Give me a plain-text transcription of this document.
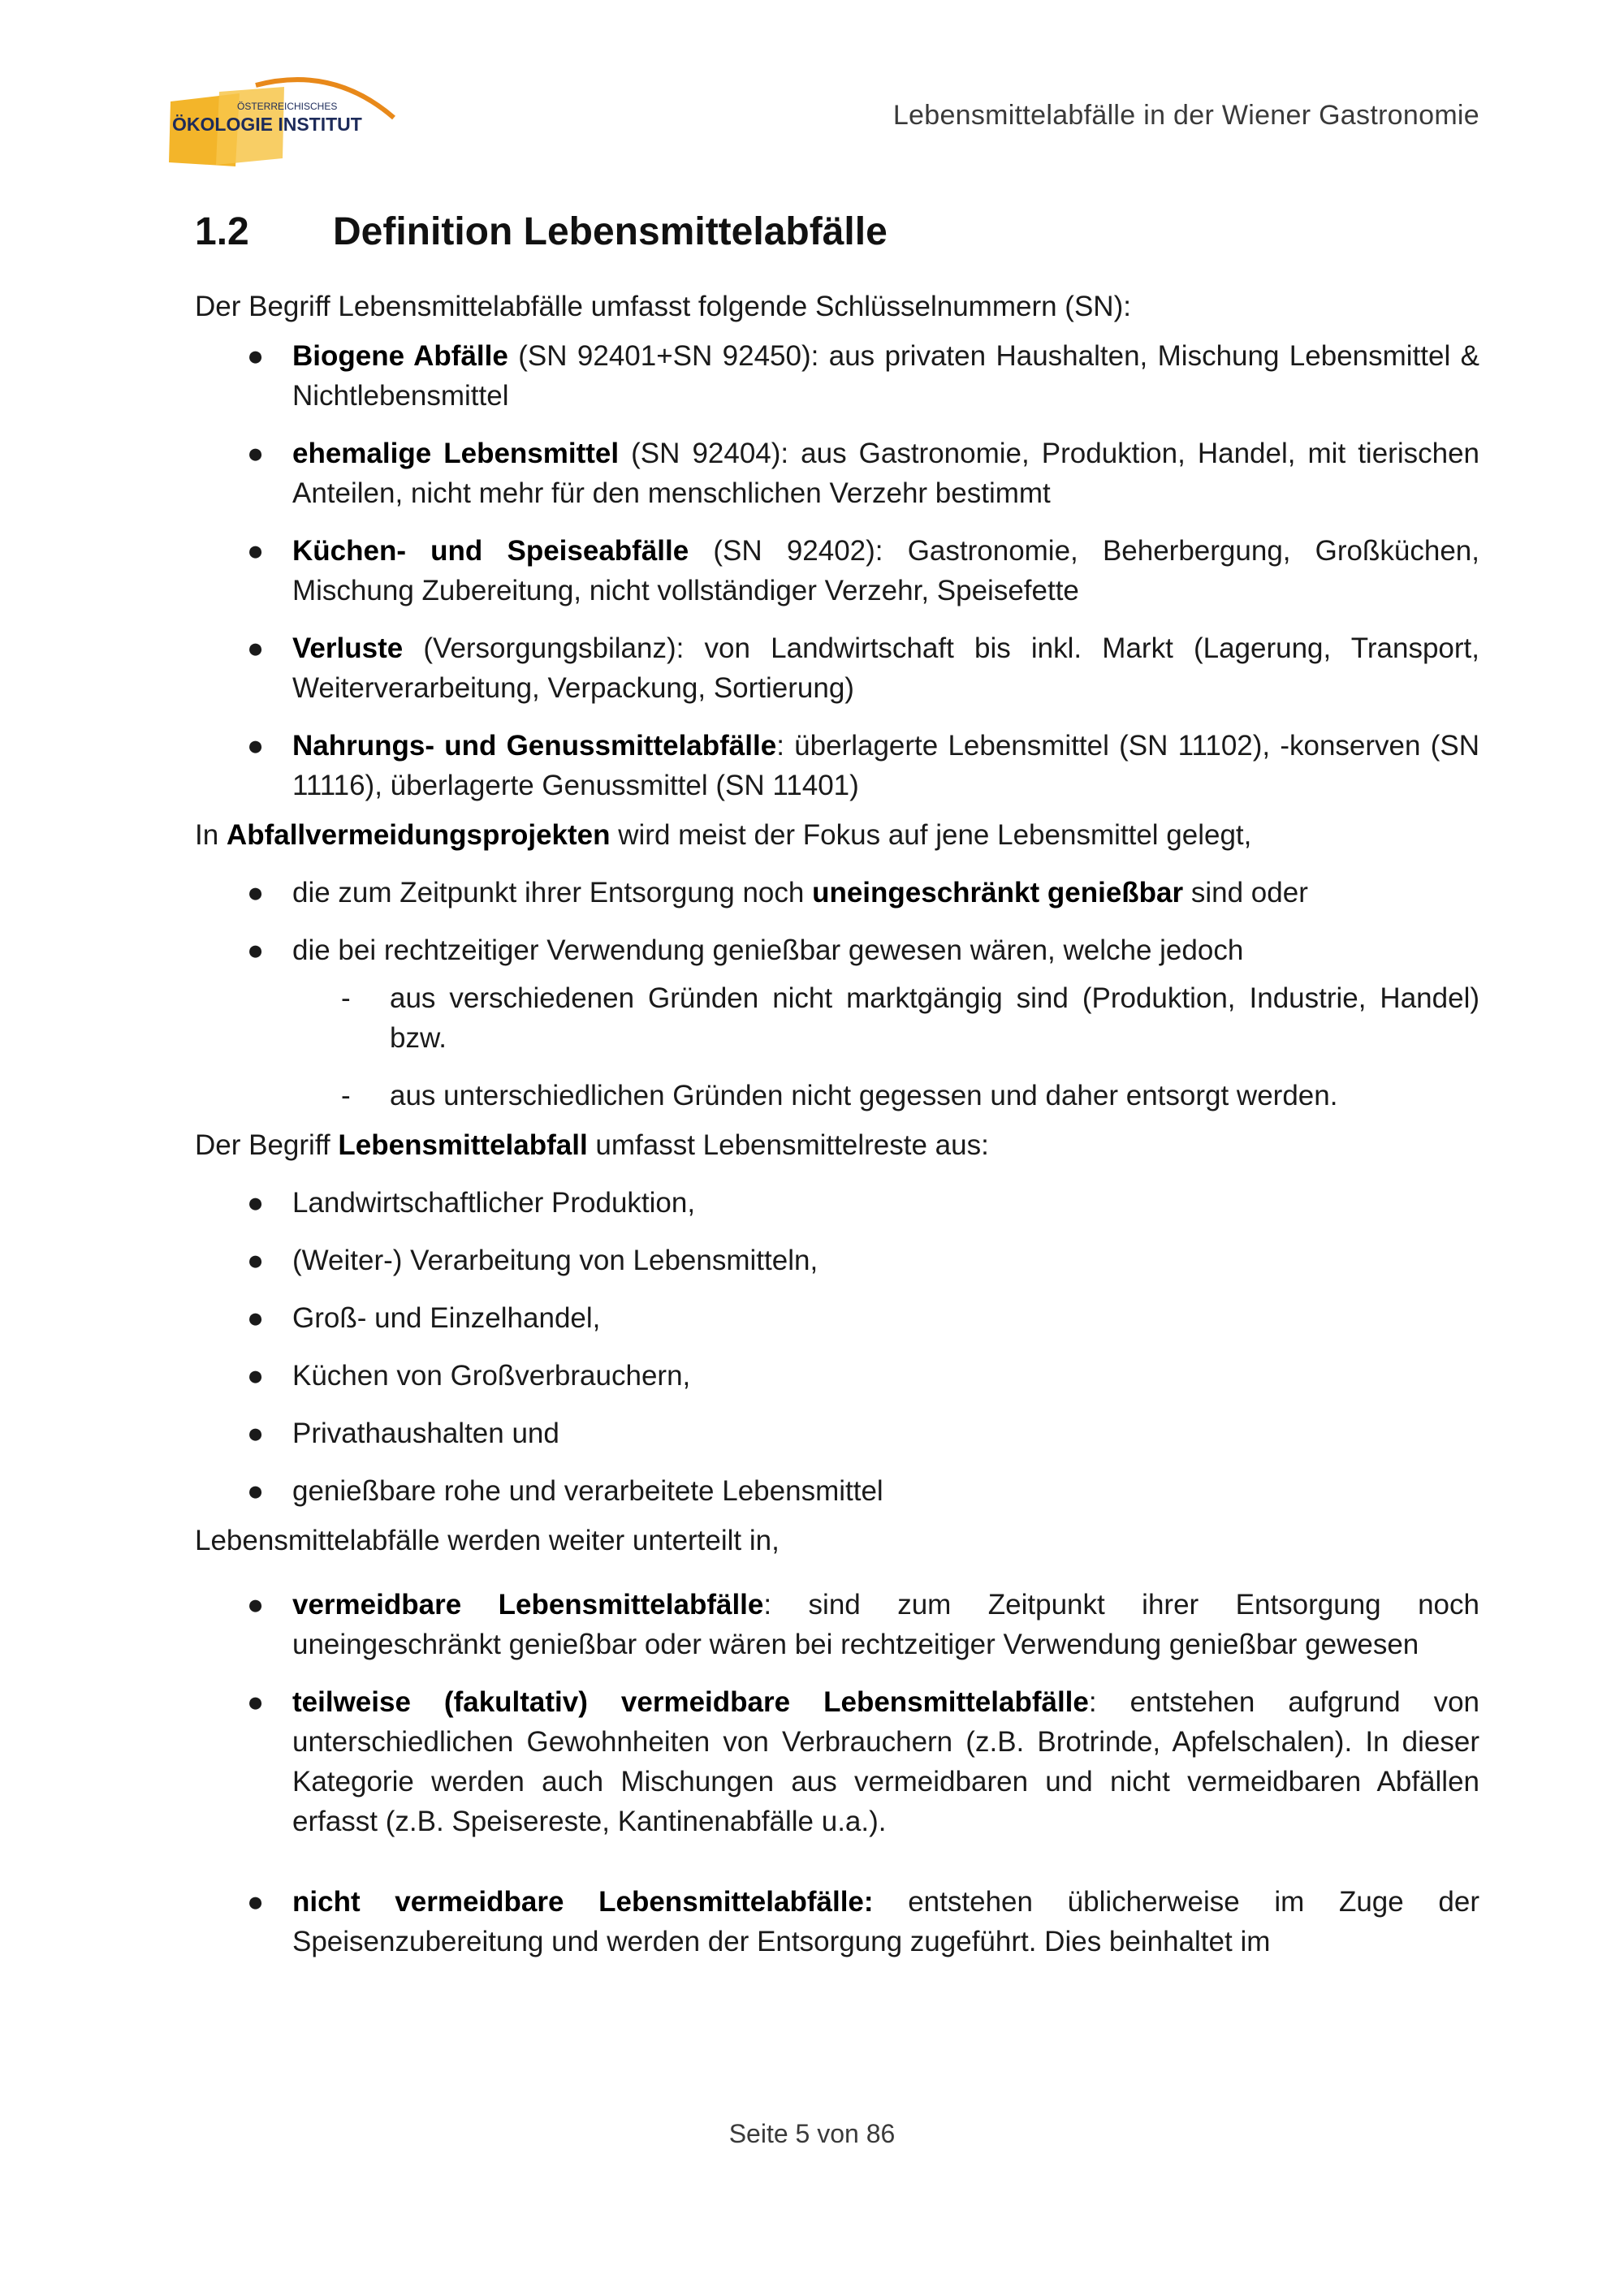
ÖSTERREICHISCHES
ÖKOLOGIE INSTITUT	Lebensmittelabfälle in der Wiener Gastronomie
1.2	Definition Lebensmittelabfälle

Der Begriff Lebensmittelabfälle umfasst folgende Schlüsselnummern (SN):

● Biogene Abfälle (SN 92401+SN 92450): aus privaten Haushalten, Mischung Lebensmittel & Nichtlebensmittel
● ehemalige Lebensmittel (SN 92404): aus Gastronomie, Produktion, Handel, mit tierischen Anteilen, nicht mehr für den menschlichen Verzehr bestimmt
● Küchen- und Speiseabfälle (SN 92402): Gastronomie, Beherbergung, Großküchen, Mischung Zubereitung, nicht vollständiger Verzehr, Speisefette
● Verluste (Versorgungsbilanz): von Landwirtschaft bis inkl. Markt (Lagerung, Transport, Weiterverarbeitung, Verpackung, Sortierung)
● Nahrungs- und Genussmittelabfälle: überlagerte Lebensmittel (SN 11102), -konserven (SN 11116), überlagerte Genussmittel (SN 11401)

In Abfallvermeidungsprojekten wird meist der Fokus auf jene Lebensmittel gelegt,

● die zum Zeitpunkt ihrer Entsorgung noch uneingeschränkt genießbar sind oder
● die bei rechtzeitiger Verwendung genießbar gewesen wären, welche jedoch
- aus verschiedenen Gründen nicht marktgängig sind (Produktion, Industrie, Handel) bzw.
- aus unterschiedlichen Gründen nicht gegessen und daher entsorgt werden.

Der Begriff Lebensmittelabfall umfasst Lebensmittelreste aus:

● Landwirtschaftlicher Produktion,
● (Weiter-) Verarbeitung von Lebensmitteln,
● Groß- und Einzelhandel,
● Küchen von Großverbrauchern,
● Privathaushalten und
● genießbare rohe und verarbeitete Lebensmittel

Lebensmittelabfälle werden weiter unterteilt in,

● vermeidbare Lebensmittelabfälle: sind zum Zeitpunkt ihrer Entsorgung noch uneingeschränkt genießbar oder wären bei rechtzeitiger Verwendung genießbar gewesen
● teilweise (fakultativ) vermeidbare Lebensmittelabfälle: entstehen aufgrund von unterschiedlichen Gewohnheiten von Verbrauchern (z.B. Brotrinde, Apfelschalen). In dieser Kategorie werden auch Mischungen aus vermeidbaren und nicht vermeidbaren Abfällen erfasst (z.B. Speisereste, Kantinenabfälle u.a.).
● nicht vermeidbare Lebensmittelabfälle: entstehen üblicherweise im Zuge der Speisenzubereitung und werden der Entsorgung zugeführt. Dies beinhaltet im
Seite 5 von 86
